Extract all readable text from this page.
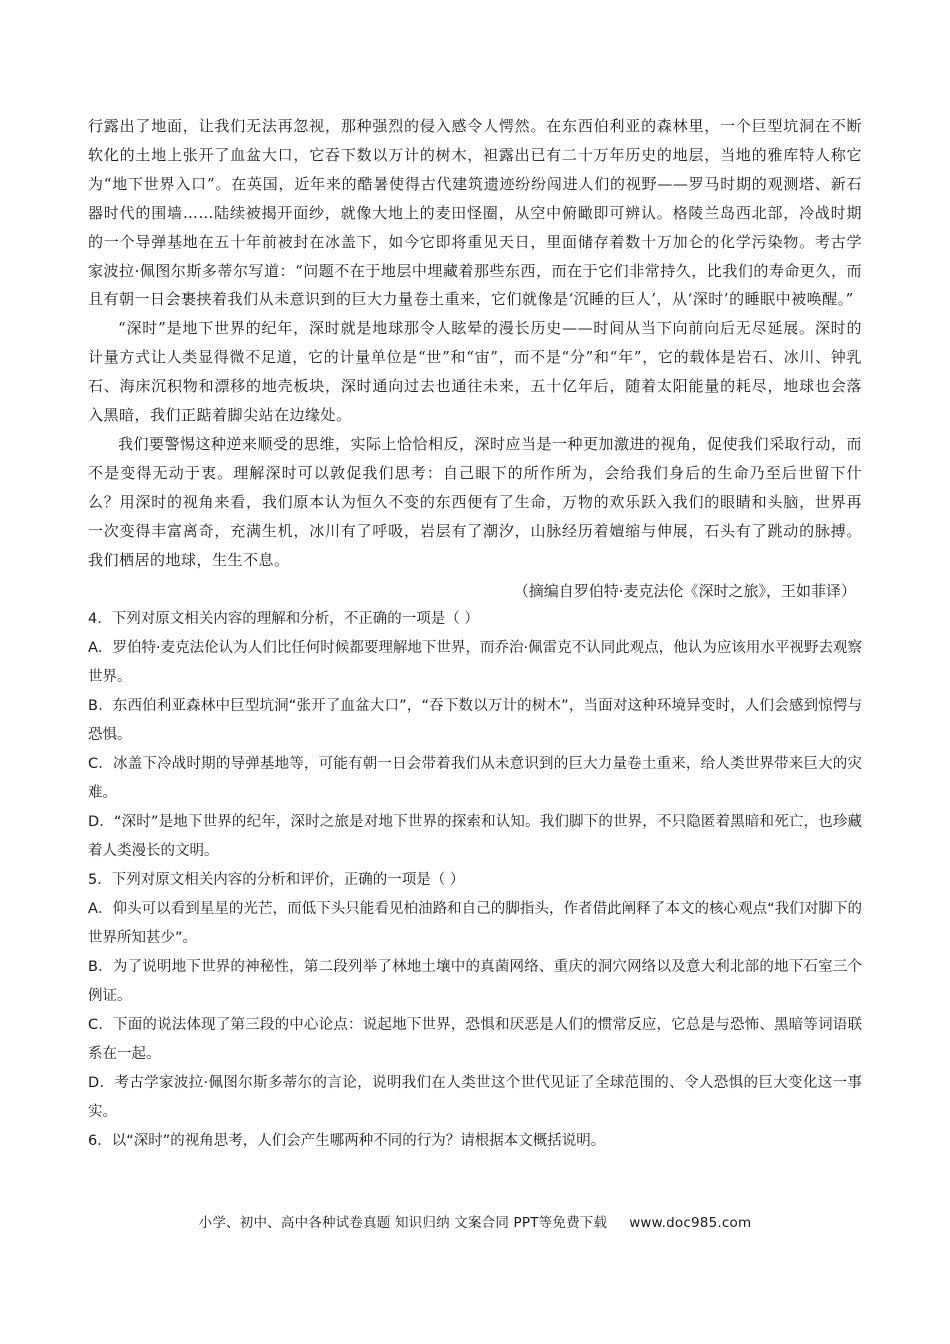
行露出了地面，让我们无法再忽视，那种强烈的侵入感令人愕然。在东西伯利亚的森林里，一个巨型坑洞在不断软化的土地上张开了血盆大口，它吞下数以万计的树木，袒露出已有二十万年历史的地层，当地的雅库特人称它为“地下世界入口”。在英国，近年来的酷暑使得古代建筑遗迹纷纷闯进人们的视野——罗马时期的观测塔、新石器时代的围墙……陆续被揭开面纱，就像大地上的麦田怪圈，从空中俯瞰即可辨认。格陵兰岛西北部，冷战时期的一个导弹基地在五十年前被封在冰盖下，如今它即将重见天日，里面储存着数十万加仑的化学污染物。考古学家波拉·佩图尔斯多蒂尔写道：“问题不在于地层中埋藏着那些东西，而在于它们非常持久，比我们的寿命更久，而且有朝一日会裹挟着我们从未意识到的巨大力量卷土重来，它们就像是‘沉睡的巨人’，从‘深时’的睡眠中被唤醒。”

“深时”是地下世界的纪年，深时就是地球那令人眩晕的漫长历史——时间从当下向前向后无尽延展。深时的计量方式让人类显得微不足道，它的计量单位是“世”和“宙”，而不是“分”和“年”，它的载体是岩石、冰川、钟乳石、海床沉积物和漂移的地壳板块，深时通向过去也通往未来，五十亿年后，随着太阳能量的耗尽，地球也会落入黑暗，我们正踮着脚尖站在边缘处。

我们要警惕这种逆来顺受的思维，实际上恰恰相反，深时应当是一种更加激进的视角，促使我们采取行动，而不是变得无动于衷。理解深时可以敦促我们思考：自己眼下的所作所为，会给我们身后的生命乃至后世留下什么？用深时的视角来看，我们原本认为恒久不变的东西便有了生命，万物的欢乐跃入我们的眼睛和头脑，世界再一次变得丰富离奇，充满生机，冰川有了呼吸，岩层有了潮汐，山脉经历着嬗缩与伸展，石头有了跳动的脉搏。我们栖居的地球，生生不息。

（摘编自罗伯特·麦克法伦《深时之旅》，王如菲译）

4．下列对原文相关内容的理解和分析，不正确的一项是（ ）

A．罗伯特·麦克法伦认为人们比任何时候都要理解地下世界，而乔治·佩雷克不认同此观点，他认为应该用水平视野去观察世界。

B．东西伯利亚森林中巨型坑洞“张开了血盆大口”，“吞下数以万计的树木”，当面对这种环境异变时，人们会感到惊愕与恐惧。

C．冰盖下冷战时期的导弹基地等，可能有朝一日会带着我们从未意识到的巨大力量卷土重来，给人类世界带来巨大的灾难。

D．“深时”是地下世界的纪年，深时之旅是对地下世界的探索和认知。我们脚下的世界，不只隐匿着黑暗和死亡，也珍藏着人类漫长的文明。

5．下列对原文相关内容的分析和评价，正确的一项是（ ）

A．仰头可以看到星星的光芒，而低下头只能看见柏油路和自己的脚指头，作者借此阐释了本文的核心观点“我们对脚下的世界所知甚少”。

B．为了说明地下世界的神秘性，第二段列举了林地土壤中的真菌网络、重庆的洞穴网络以及意大利北部的地下石室三个例证。

C．下面的说法体现了第三段的中心论点：说起地下世界，恐惧和厌恶是人们的惯常反应，它总是与恐怖、黑暗等词语联系在一起。

D．考古学家波拉·佩图尔斯多蒂尔的言论，说明我们在人类世这个世代见证了全球范围的、令人恐惧的巨大变化这一事实。

6．以“深时”的视角思考，人们会产生哪两种不同的行为？请根据本文概括说明。

小学、初中、高中各种试卷真题 知识归纳 文案合同 PPT等免费下载 www.doc985.com
